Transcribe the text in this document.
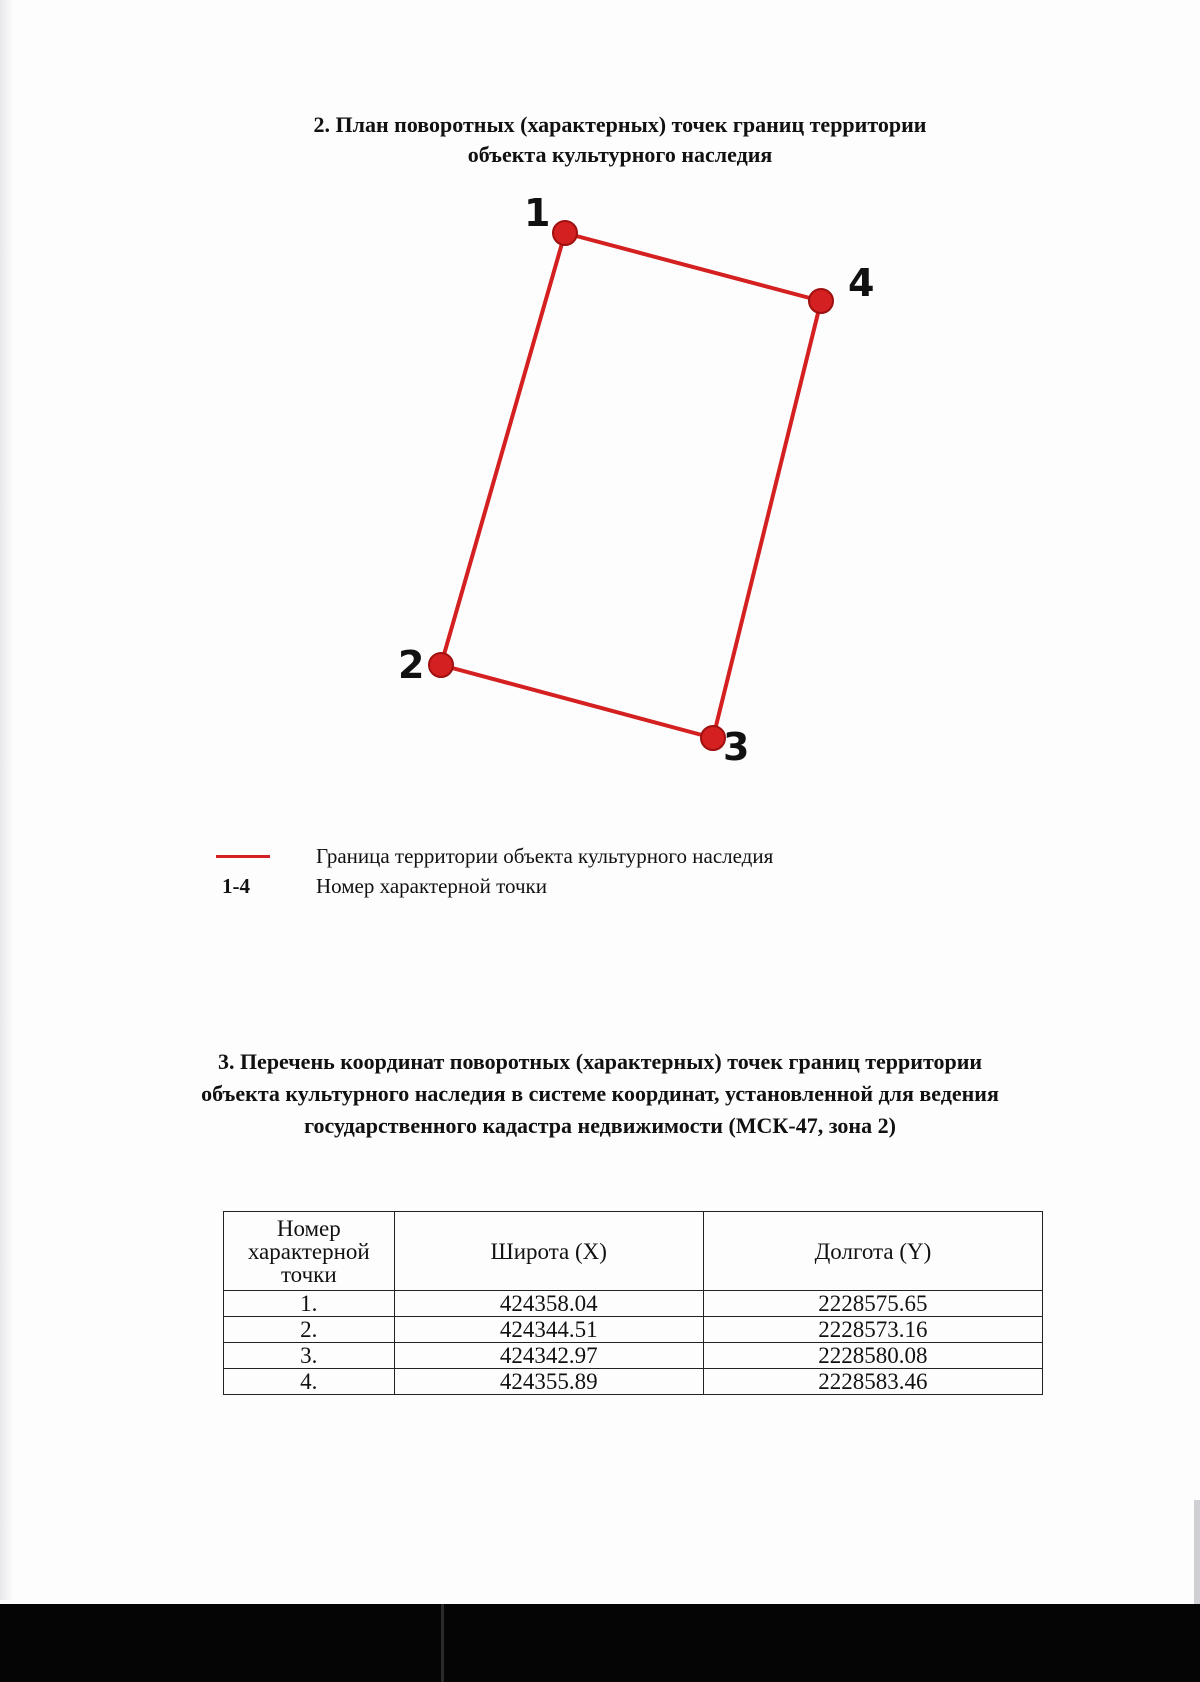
2. План поворотных (характерных) точек границ территории
объекта культурного наследия
1
2
3
4
Граница территории объекта культурного наследия
1-4	Номер характерной точки
3. Перечень координат поворотных (характерных) точек границ территории
объекта культурного наследия в системе координат, установленной для ведения
государственного кадастра недвижимости (МСК-47, зона 2)
Номер характерной точки	Широта (X)	Долгота (Y)
1.	424358.04	2228575.65
2.	424344.51	2228573.16
3.	424342.97	2228580.08
4.	424355.89	2228583.46
